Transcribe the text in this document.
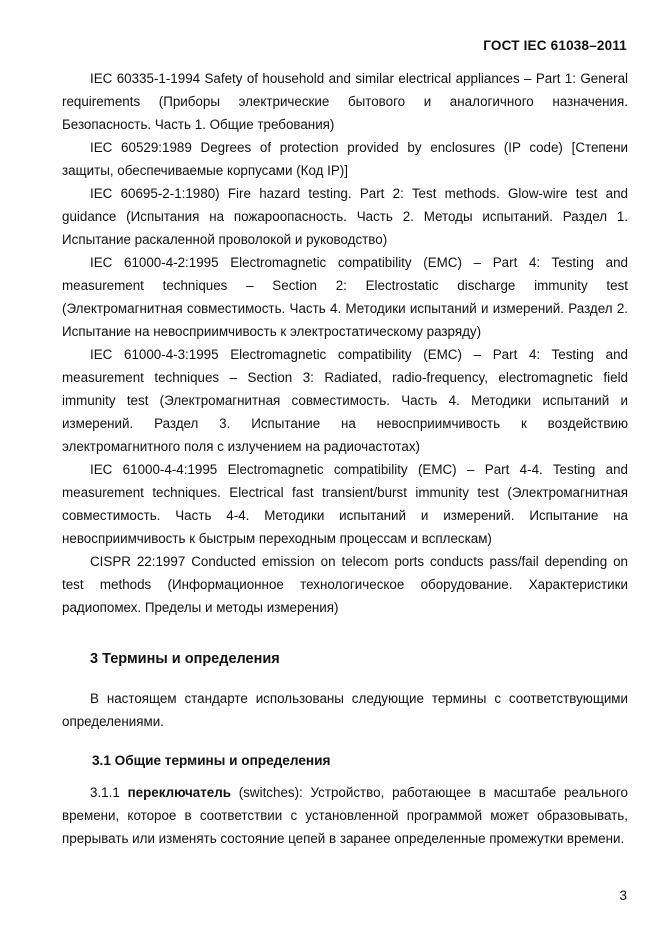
ГОСТ IEC 61038–2011

IEC 60335-1-1994 Safety of household and similar electrical appliances – Part 1: General requirements (Приборы электрические бытового и аналогичного назначения. Безопасность. Часть 1. Общие требования)

IEC 60529:1989 Degrees of protection provided by enclosures (IP code) [Степени защиты, обеспечиваемые корпусами (Код IP)]

IEC 60695-2-1:1980) Fire hazard testing. Part 2: Test methods. Glow-wire test and guidance (Испытания на пожароопасность. Часть 2. Методы испытаний. Раздел 1. Испытание раскаленной проволокой и руководство)

IEC 61000-4-2:1995 Electromagnetic compatibility (EMC) – Part 4: Testing and measurement techniques – Section 2: Electrostatic discharge immunity test (Электромагнитная совместимость. Часть 4. Методики испытаний и измерений. Раздел 2. Испытание на невосприимчивость к электростатическому разряду)

IEC 61000-4-3:1995 Electromagnetic compatibility (EMC) – Part 4: Testing and measurement techniques – Section 3: Radiated, radio-frequency, electromagnetic field immunity test (Электромагнитная совместимость. Часть 4. Методики испытаний и измерений. Раздел 3. Испытание на невосприимчивость к воздействию электромагнитного поля с излучением на радиочастотах)

IEC 61000-4-4:1995 Electromagnetic compatibility (EMC) – Part 4-4. Testing and measurement techniques. Electrical fast transient/burst immunity test (Электромагнитная совместимость. Часть 4-4. Методики испытаний и измерений. Испытание на невосприимчивость к быстрым переходным процессам и всплескам)

CISPR 22:1997 Conducted emission on telecom ports conducts pass/fail depending on test methods (Информационное технологическое оборудование. Характеристики радиопомех. Пределы и методы измерения)

3 Термины и определения

В настоящем стандарте использованы следующие термины с соответствующими определениями.

3.1 Общие термины и определения

3.1.1 переключатель (switches): Устройство, работающее в масштабе реального времени, которое в соответствии с установленной программой может образовывать, прерывать или изменять состояние цепей в заранее определенные промежутки времени.

3
